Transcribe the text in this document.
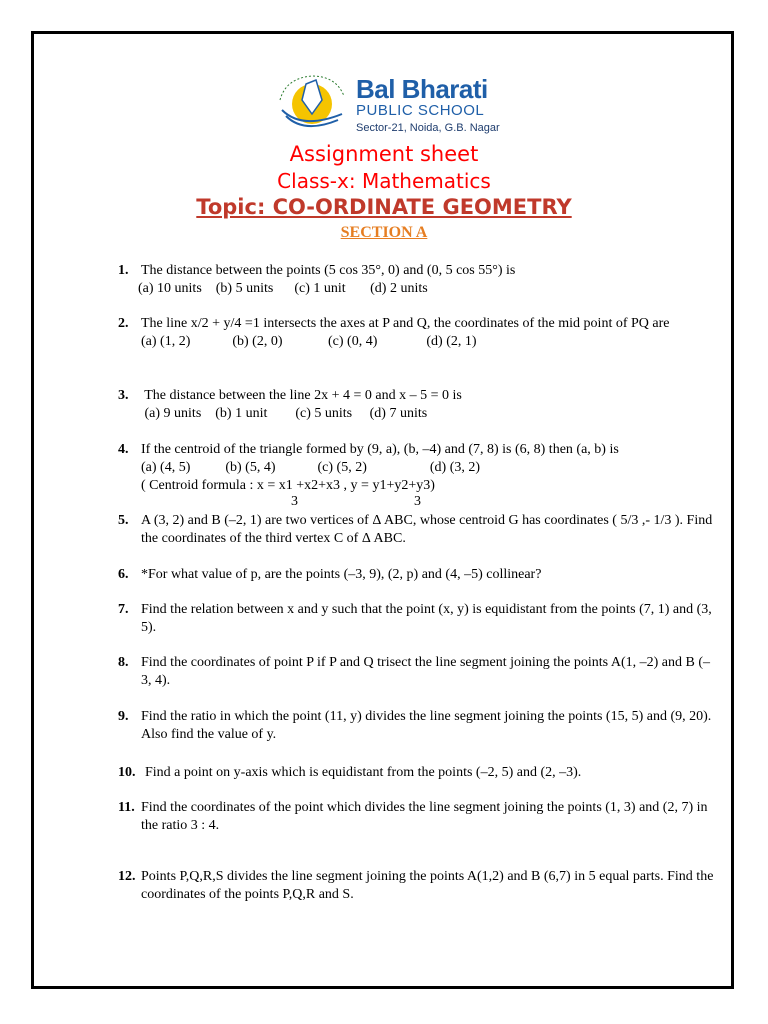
Bal Bharati
PUBLIC SCHOOL
Sector-21, Noida, G.B. Nagar
Assignment sheet
Class-x: Mathematics
Topic: CO-ORDINATE GEOMETRY
SECTION A
1. The distance between the points (5 cos 35°, 0) and (0, 5 cos 55°) is
(a) 10 units    (b) 5 units      (c) 1 unit       (d) 2 units
2. The line x/2 + y/4 =1 intersects the axes at P and Q, the coordinates of the mid point of PQ are
(a) (1, 2)            (b) (2, 0)             (c) (0, 4)              (d) (2, 1)
3. The distance between the line 2x + 4 = 0 and x – 5 = 0 is
(a) 9 units    (b) 1 unit        (c) 5 units     (d) 7 units
4. If the centroid of the triangle formed by (9, a), (b, –4) and (7, 8) is (6, 8) then (a, b) is
(a) (4, 5)          (b) (5, 4)            (c) (5, 2)                  (d) (3, 2)
( Centroid formula : x = x1 +x2+x3 , y = y1+y2+y3)
3	3
5. A (3, 2) and B (–2, 1) are two vertices of Δ ABC, whose centroid G has coordinates ( 5/3 ,- 1/3 ). Find the coordinates of the third vertex C of Δ ABC.
6. *For what value of p, are the points (–3, 9), (2, p) and (4, –5) collinear?
7. Find the relation between x and y such that the point (x, y) is equidistant from the points (7, 1) and (3, 5).
8. Find the coordinates of point P if P and Q trisect the line segment joining the points A(1, –2) and B (–3, 4).
9. Find the ratio in which the point (11, y) divides the line segment joining the points (15, 5) and (9, 20). Also find the value of y.
10. Find a point on y-axis which is equidistant from the points (–2, 5) and (2, –3).
11. Find the coordinates of the point which divides the line segment joining the points (1, 3) and (2, 7) in the ratio 3 : 4.
12. Points P,Q,R,S divides the line segment joining the points A(1,2) and B (6,7) in 5 equal parts. Find the coordinates of the points P,Q,R and S.
